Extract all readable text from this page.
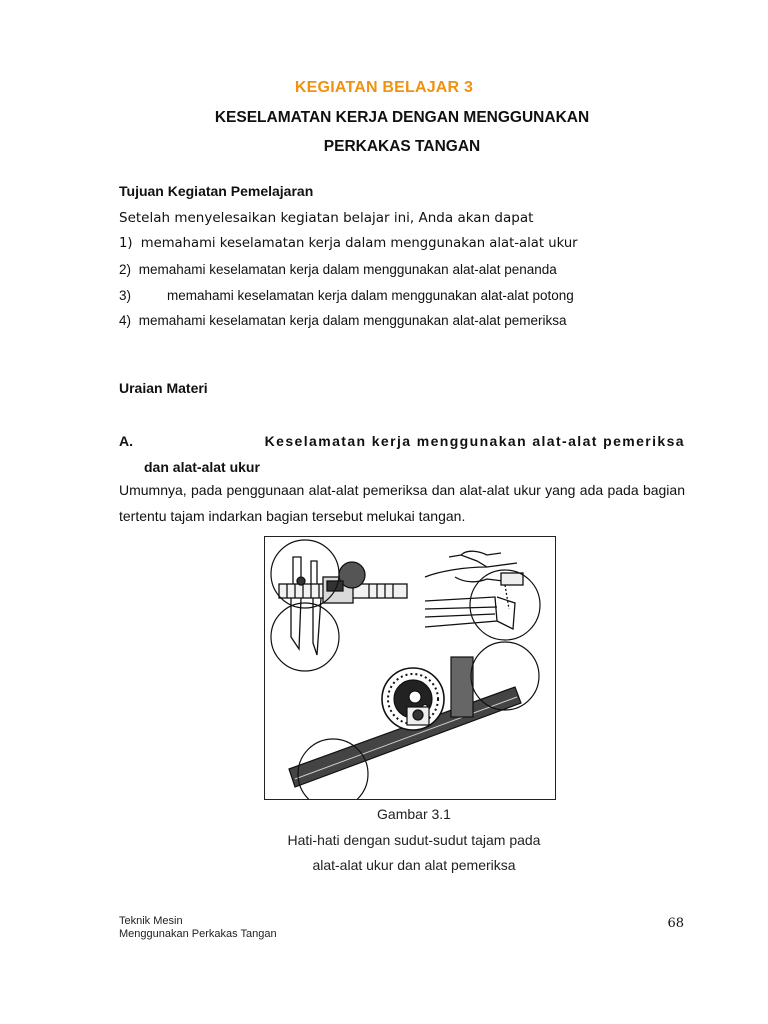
KEGIATAN BELAJAR 3
KESELAMATAN KERJA DENGAN MENGGUNAKAN
PERKAKAS TANGAN
Tujuan Kegiatan Pemelajaran
Setelah menyelesaikan kegiatan belajar ini, Anda akan dapat
1) memahami keselamatan kerja dalam menggunakan alat-alat ukur
2) memahami keselamatan kerja dalam menggunakan alat-alat penanda
3)	memahami keselamatan kerja dalam menggunakan alat-alat potong
4) memahami keselamatan kerja dalam menggunakan alat-alat pemeriksa
Uraian Materi
A.	Keselamatan kerja menggunakan alat-alat pemeriksa
dan alat-alat ukur
Umumnya, pada penggunaan alat-alat pemeriksa dan alat-alat ukur yang ada pada bagian tertentu tajam indarkan bagian tersebut melukai tangan.
Gambar 3.1
Hati-hati dengan sudut-sudut tajam pada
alat-alat ukur dan alat pemeriksa
Teknik Mesin
Menggunakan Perkakas Tangan
68
